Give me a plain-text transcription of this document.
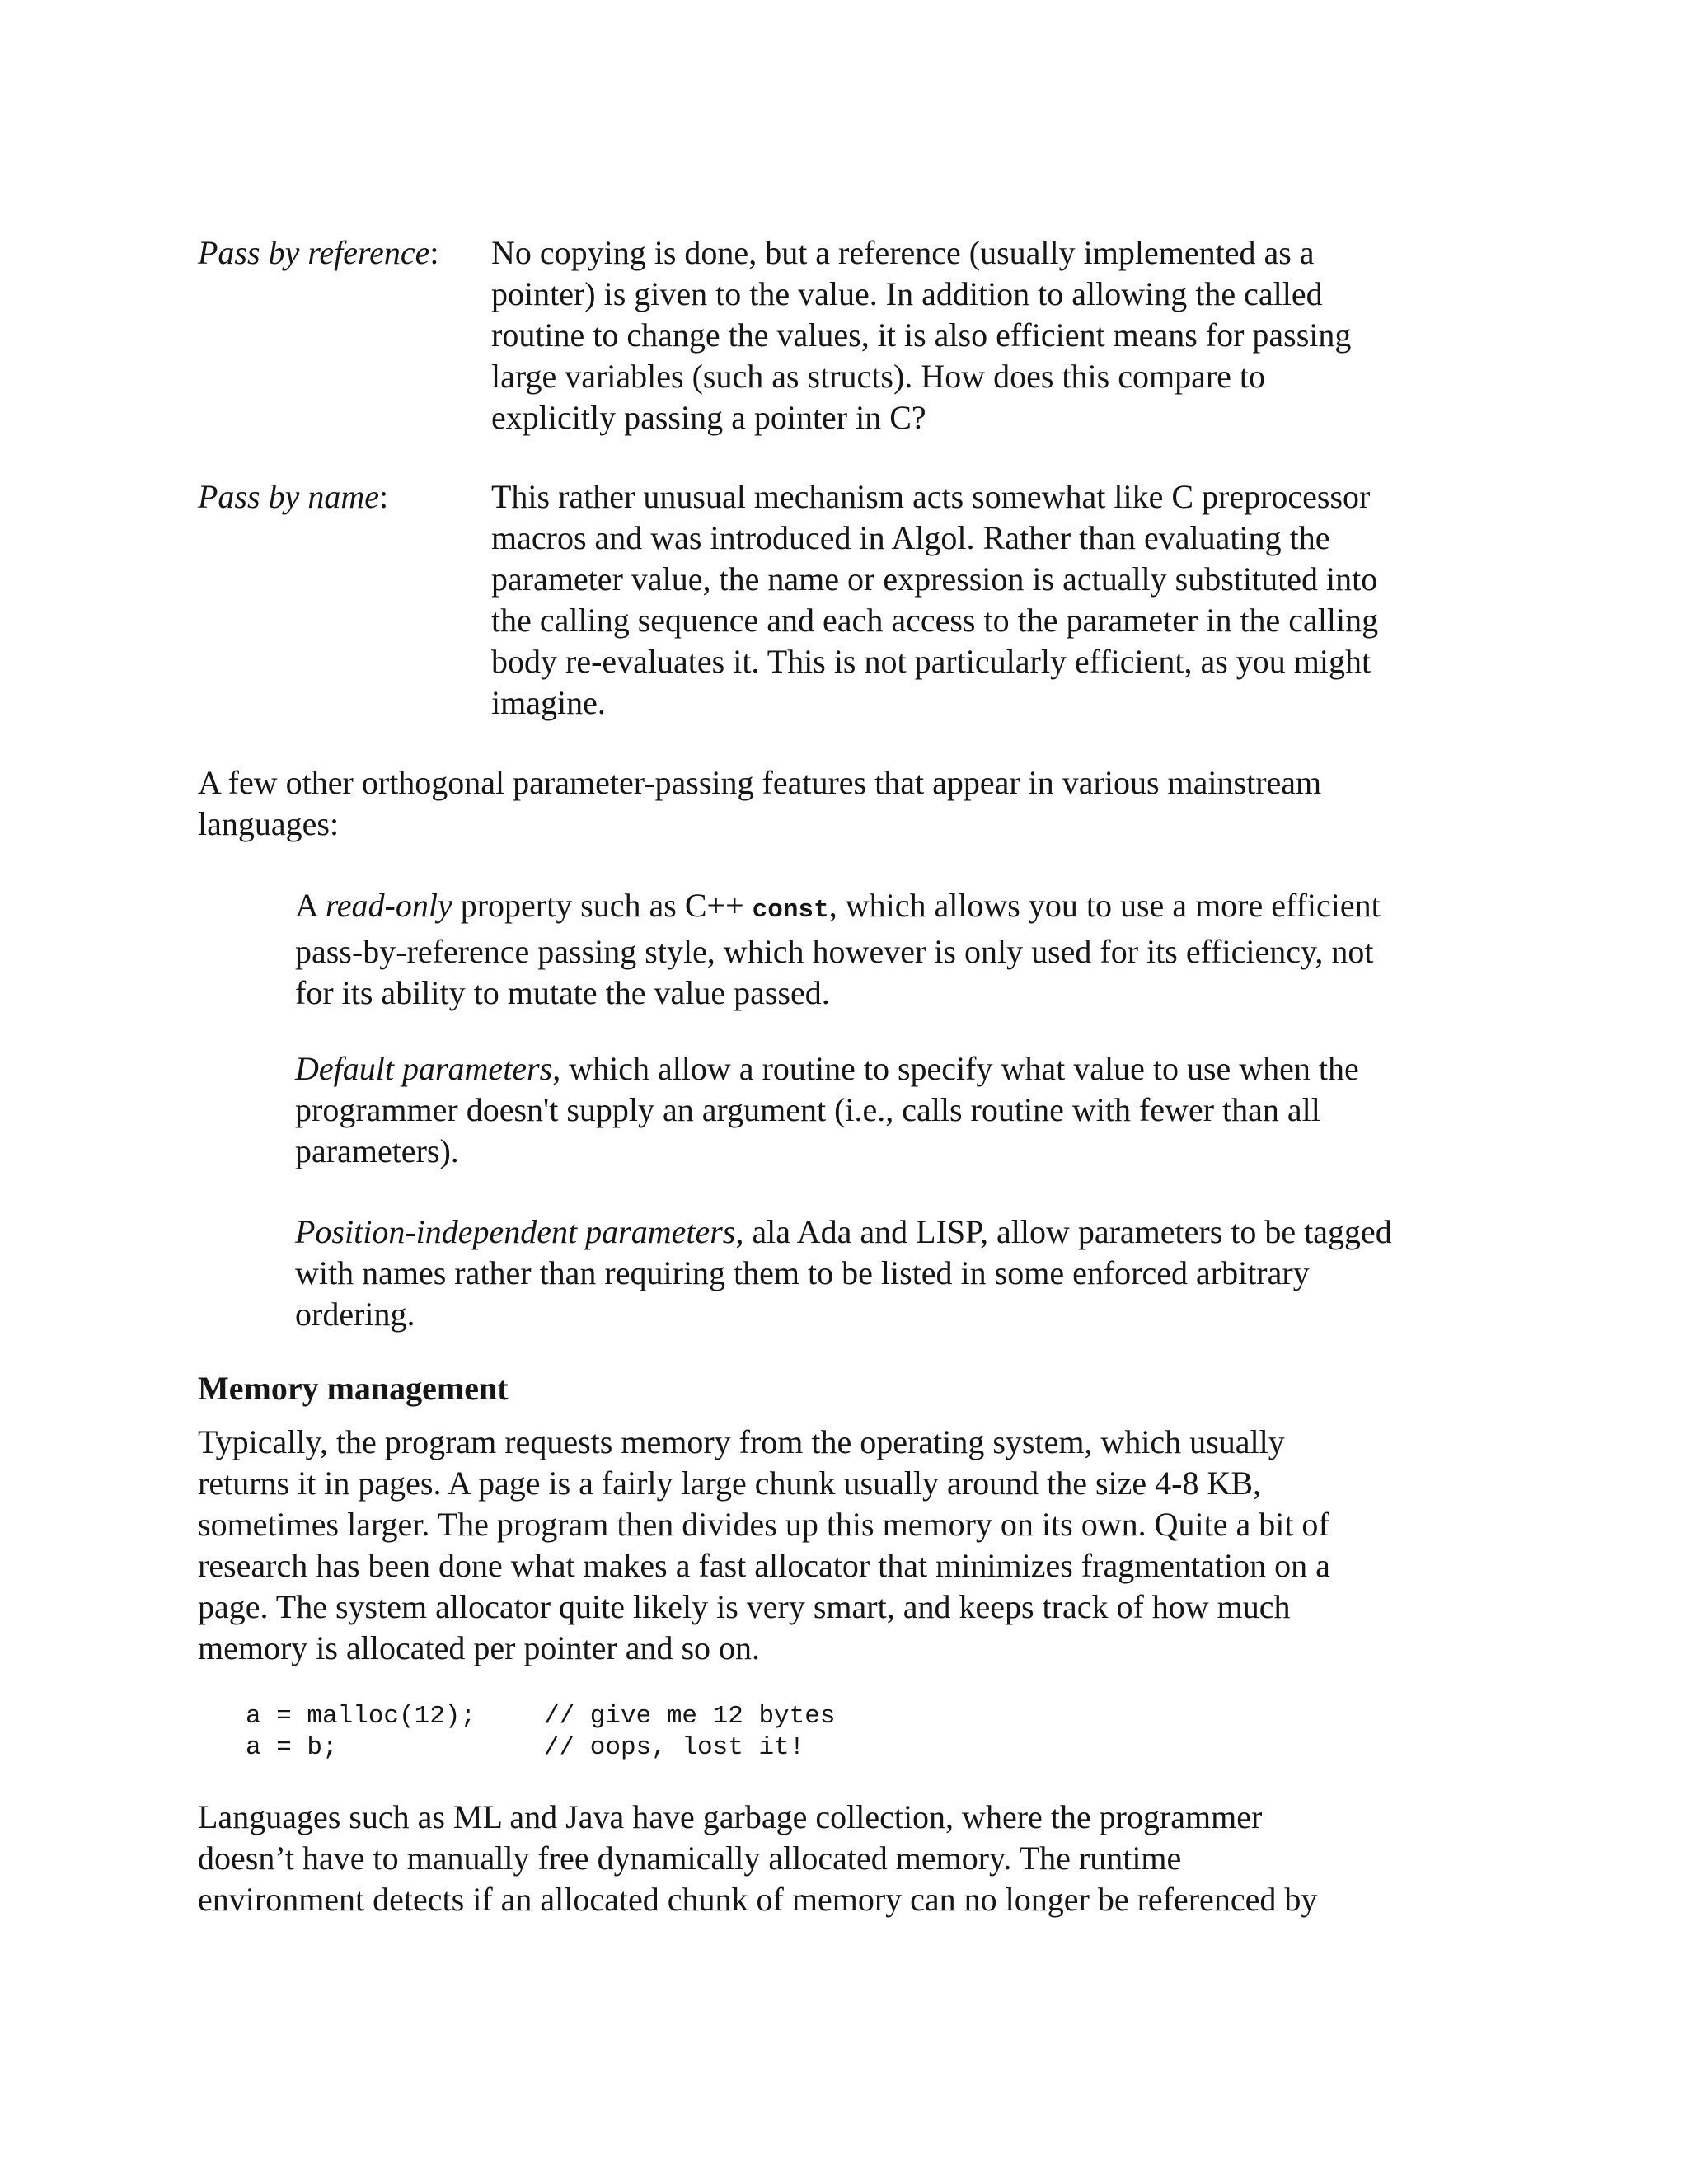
Pass by reference: No copying is done, but a reference (usually implemented as a
pointer) is given to the value. In addition to allowing the called
routine to change the values, it is also efficient means for passing
large variables (such as structs). How does this compare to
explicitly passing a pointer in C?
Pass by name:	This rather unusual mechanism acts somewhat like C preprocessor
macros and was introduced in Algol. Rather than evaluating the
parameter value, the name or expression is actually substituted into
the calling sequence and each access to the parameter in the calling
body re-evaluates it. This is not particularly efficient, as you might
imagine.
A few other orthogonal parameter-passing features that appear in various mainstream
languages:
A read-only property such as C++ const, which allows you to use a more efficient
pass-by-reference passing style, which however is only used for its efficiency, not
for its ability to mutate the value passed.
Default parameters, which allow a routine to specify what value to use when the
programmer doesn't supply an argument (i.e., calls routine with fewer than all
parameters).
Position-independent parameters, ala Ada and LISP, allow parameters to be tagged
with names rather than requiring them to be listed in some enforced arbitrary
ordering.
Memory management
Typically, the program requests memory from the operating system, which usually
returns it in pages. A page is a fairly large chunk usually around the size 4-8 KB,
sometimes larger. The program then divides up this memory on its own. Quite a bit of
research has been done what makes a fast allocator that minimizes fragmentation on a
page. The system allocator quite likely is very smart, and keeps track of how much
memory is allocated per pointer and so on.
a = malloc(12);	// give me 12 bytes
a = b;	// oops, lost it!
Languages such as ML and Java have garbage collection, where the programmer
doesn’t have to manually free dynamically allocated memory. The runtime
environment detects if an allocated chunk of memory can no longer be referenced by
